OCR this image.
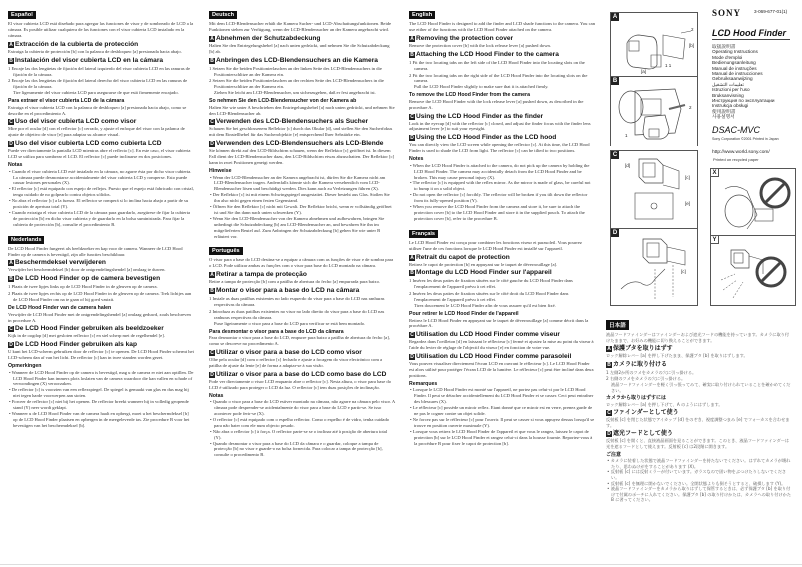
Español
El visor cubierta LCD está diseñado para agregar las funciones de visor y de sombreado de LCD a la cámara. Es posible utilizar cualquiera de las funciones con el visor cubierta LCD instalado en la cámara.
A Extracción de la cubierta de protección
Extraiga la cubierta de protección [b] con la palanca de desbloqueo [a] presionada hacia abajo.
B Instalación del visor cubierta LCD en la cámara
1 Encaje las dos lengüetas de fijación del lateral izquierdo del visor cubierta LCD en las ranuras de fijación de la cámara.
2 Encaje las dos lengüetas de fijación del lateral derecho del visor cubierta LCD en las ranuras de fijación de la cámara.
Tire ligeramente del visor cubierta LCD para asegurarse de que está firmemente encajado.
Para extraer el visor cubierta LCD de la cámara
Extraiga el visor cubierta LCD con la palanca de desbloqueo [a] presionada hacia abajo, como se describe en el procedimiento A.
C Uso del visor cubierta LCD como visor
Mire por el ocular [d] con el reflector [c] cerrado, y ajuste el enfoque del visor con la palanca de ajuste de objetivo de visor [e] para adaptar su alcance visual.
D Uso del visor cubierta LCD como cubierta LCD
Puede ver directamente la pantalla LCD mientras abre el reflecto [c]. En este caso, el visor cubierta LCD se utiliza para sombrear el LCD. El reflector [c] puede inclinarse en dos posiciones.
Notas
• Cuando el visor cubierta LCD esté instalado en la cámara, no agarre ésta por dicho visor cubierta. La cámara puede desmontarse accidentalmente del visor cubierta LCD y romperse. Esto puede causar lesiones personales (X).
• El reflector [c] está equipado con espejo de reflejos. Puesto que el espejo está fabricado con cristal, tenga cuidado de no golpearlo contra objetos sólidos.
• No abra el reflector [c] a la fuerza. El reflector se romperá si lo inclina hacia abajo a partir de su posición de apertura total (Y).
• Cuando extraiga el visor cubierta LCD de la cámara para guardarlo, asegúrese de fijar la cubierta de protección [b] en dicho visor cubierta y de guardarlo en la bolsa suministrada. Para fijar la cubierta de protección [b], consulte el procedimiento B.
Nederlands
De LCD Hood Finder fungeert als beeldzoeker en kap voor de camera. Wanneer de LCD Hood Finder op de camera is bevestigd, zijn alle functies beschikbaar.
A Beschermdeksel verwijderen
Verwijder het beschermdeksel [b] door de ontgrendelingshendel [a] omlaag te duwen.
B De LCD Hood Finder op de camera bevestigen
1 Plaats de twee lipjes links op de LCD Hood Finder in de gleuven op de camera.
2 Plaats de twee lipjes rechts op de LCD Hood Finder in de gleuven op de camera. Trek lichtjes aan de LCD Hood Finder om na te gaan of hij goed vastzit.
De LCD Hood Finder van de camera halen
Verwijder de LCD Hood Finder met de ontgrendelingshendel [a] omlaag geduwd, zoals beschreven in procedure A.
C De LCD Hood Finder gebruiken als beeldzoeker
Kijk in de oogdop [d] met gesloten reflector [c] en stel scherp met de regelhendel [e].
D De LCD Hood Finder gebruiken als kap
U kunt het LCD-scherm gebruiken door de reflector [c] te openen. De LCD Hood Finder schermt het LCD-scherm dan af van het licht. De reflector [c] kan in twee standen worden gezet.
Opmerkingen
• Wanneer de LCD Hood Finder op de camera is bevestigd, mag u de camera er niet aan optillen. De LCD Hood Finder kan immers plots loslaten van de camera waardoor die kan vallen en schade of verwondingen (X) veroorzaken.
• De reflector [c] is voorzien van een reflexspiegel. De spiegel is gemaakt van glas en dus mag hij niet tegen harde voorwerpen aan stoten.
• Forceer de reflector [c] niet bij het openen. De reflector breekt wanneer hij in volledig geopende stand (Y) neer wordt geklapt.
• Wanneer u de LCD Hood Finder van de camera haalt en opbergt, moet u het beschermdeksel [b] op de LCD Hood Finder plaatsen en opbergen in de meegeleverde tas. Zie procedure B voor het bevestigen van het beschermdeksel [b].
Deutsch
Mit dem LCD-Blendensucher erhält die Kamera Sucher- und LCD-Abschattungsfunktionen. Beide Funktionen stehen zur Verfügung, wenn der LCD-Blendensucher an der Kamera angebracht wird.
A Abnehmen der Schutzabdeckung
Halten Sie den Entriegelungshebel [a] nach unten gedrückt, und nehmen Sie die Schutzabdeckung [b] ab.
B Anbringen des LCD-Blendensuchers an die Kamera
1 Setzen Sie die beiden Positionierlaschen an der linken Seite des LCD-Blendensuchers in die Positionierschlitze an der Kamera ein.
2 Setzen Sie die beiden Positionierlaschen an der rechten Seite des LCD-Blendensuchers in die Positionierschlitze an der Kamera ein.
Ziehen Sie leicht am LCD-Blendensucher, um sicherzugehen, daß er fest angebracht ist.
So nehmen Sie den LCD-Blendensucher von der Kamera ab
Halten Sie wie unter A beschrieben den Entriegelungshebel [a] nach unten gedrückt, und nehmen Sie den LCD-Blendensucher ab.
C Verwenden des LCD-Blendensuchers als Sucher
Schauen Sie bei geschlossenem Reflektor [c] durch das Okular [d], und stellen Sie den Sucherfokus mit dem Einstellhebel für das Sucherobjektiv [e] entsprechend Ihrer Sehstärke ein.
D Verwenden des LCD-Blendensuchers als LCD-Blende
Sie können direkt auf den LCD-Bildschirm schauen, wenn der Reflektor [c] geöffnet ist. In diesem Fall dient der LCD-Blendensucher dazu, den LCD-Bildschirm etwas abzuschatten. Der Reflektor [c] kann in zwei Positionen geneigt werden.
Hinweise
• Wenn der LCD-Blendensucher an der Kamera angebracht ist, dürfen Sie die Kamera nicht am LCD-Blendensucher tragen. Andernfalls könnte sich die Kamera versehentlich vom LCD-Blendensucher lösen und beschädigt werden. Dies kann auch zu Verletzungen führen (X).
• Der Reflektor [c] ist mit einem Schwingspiegel ausgestattet. Dieser besteht aus Glas. Stoßen Sie ihn also nicht gegen einen festen Gegenstand.
• Öffnen Sie den Reflektor [c] nicht mit Gewalt. Der Reflektor bricht, wenn er vollständig geöffnet ist und Sie ihn dann nach unten schwenken (Y).
• Wenn Sie den LCD-Blendensucher von der Kamera abnehmen und aufbewahren, bringen Sie unbedingt die Schutzabdeckung [b] am LCD-Blendensucher an, und bewahren Sie ihn im mitgelieferten Beutel auf. Zum Anbringen der Schutzabdeckung [b] gehen Sie wie unter B erläutert vor.
Português
O visor para a base do LCD destina-se a equipar a câmara com as funções de visor e de sombra para o LCD. Pode utilizar ambas as funções com o visor para base do LCD montado na câmara.
A Retirar a tampa de protecção
Retire a tampa de protecção [b] com a patilha de abertura do fecho [a] empurrada para baixo.
B Montar o visor para a base do LCD na câmara
1 Instale as duas patilhas existentes no lado esquerdo do visor para a base do LCD nas ranhuras respectivas da câmara.
2 Introduza as duas patilhas existentes no visor no lado direito do visor para a base do LCD nas ranhuras respectivas da câmara.
Puxe ligeiramente o visor para a base do LCD para verificar se está bem montado.
Para desmontar o visor para a base do LCD da câmara
Para desmontar o visor para a base do LCD, empurre para baixo a patilha de abertura do fecho [a], como se descreve no procedimento A.
C Utilizar o visor para a base do LCD como visor
Olhe pela ocular [d] com o reflector [c] fechado e ajuste a focagem do visor electrónico com a patilha de ajuste da lente [e] de forma a adaptar-se à sua visão.
D Utilizar o visor para a base do LCD como base do LCD
Pode ver directamente o visor LCD enquanto abre o reflector [c]. Nesta altura, o visor para base do LCD é utilizado para proteger o LCD da luz. O reflector [c] tem duas posições de inclinação.
Notas
• Quando o visor para a base do LCD estiver montado na câmara, não agarre na câmara pelo visor. A câmara pode desprender-se acidentalmente do visor para a base do LCD e partir-se. Se isso acontecer pode ferir-se (X).
• O reflector [c] está equipado com o espelho reflector. Como o espelho é de vidro, tenha cuidado para não bater com ele num objecto pesado.
• Não abra o reflector [c] à força. O reflector parte-se se o inclinar até à posição de abertura total (Y).
• Quando desmontar o visor para a base do LCD da câmara e o guardar, coloque a tampa de protecção [b] no visor e guarde-o na bolsa fornecida. Para colocar a tampa de protecção [b], consulte o procedimento B.
English
The LCD Hood Finder is designed to add the finder and LCD shade functions to the camera. You can use either of the functions with the LCD Hood Finder attached on the camera.
A Removing the protection cover
Remove the protection cover [b] with the lock release lever [a] pushed down.
B Attaching the LCD Hood Finder to the camera
1 Fit the two locating tabs on the left side of the LCD Hood Finder into the locating slots on the camera.
2 Fit the two locating tabs on the right side of the LCD Hood Finder into the locating slots on the camera.
Pull the LCD Hood Finder slightly to make sure that it is attached firmly.
To remove the LCD Hood Finder from the camera
Remove the LCD Hood Finder with the lock release lever [a] pushed down, as described in the procedure A.
C Using the LCD Hood Finder as the finder
Look in the eyecup [d] with the reflector [c] closed, and adjust the finder focus with the finder lens adjustment lever [e] to suit your eyesight.
D Using the LCD Hood Finder as the LCD hood
You can directly view the LCD screen while opening the reflector [c]. At this time, the LCD Hood Finder is used to shade the LCD from light. The reflector [c] can be tilted to two positions.
Notes
• When the LCD Hood Finder is attached to the camera, do not pick up the camera by holding the LCD Hood Finder. The camera may accidentally detach from the LCD Hood Finder and be broken. This may cause personal injury (X).
• The reflector [c] is equipped with the reflex mirror. As the mirror is made of glass, be careful not to bump it on a solid object.
• Do not open the reflector [c] forcibly. The reflector will be broken if you tilt down the reflector from its fully-opened position (Y).
• When you remove the LCD Hood Finder from the camera and store it, be sure to attach the protection cover [b] to the LCD Hood Finder and store it in the supplied pouch. To attach the protection cover [b], refer to the procedure B.
Français
Le LCD Hood Finder est conçu pour combiner les fonctions viseur et parasoleil. Vous pourrez utiliser l'une de ces fonctions lorsque le LCD Hood Finder est installé sur l'appareil.
A Retrait du capot de protection
Retirez le capot de protection [b] en appuyant sur le taquet de déverrouillage [a].
B Montage du LCD Hood Finder sur l'appareil
1 Insérez les deux pattes de fixation situées sur le côté gauche du LCD Hood Finder dans l'emplacement de l'appareil prévu à cet effet.
2 Insérez les deux pattes de fixation situées sur le côté droit du LCD Hood Finder dans l'emplacement de l'appareil prévu à cet effet.
Tirez doucement le LCD Hood Finder afin de vous assurer qu'il est bien fixé.
Pour retirer le LCD Hood Finder de l'appareil
Retirez le LCD Hood Finder en appuyant sur le taquet de déverrouillage [a] comme décrit dans la procédure A.
C Utilisation du LCD Hood Finder comme viseur
Regardez dans l'oeilleton [d] en laissant le réflecteur [c] fermé et ajustez la mise au point du viseur à l'aide du levier de réglage de l'objectif du viseur [e] en fonction de votre vue.
D Utilisation du LCD Hood Finder comme parasoleil
Vous pouvez visualiser directement l'écran LCD en ouvrant le réflecteur [c]. Le LCD Hood Finder est alors utilisé pour protéger l'écran LCD de la lumière. Le réflecteur [c] peut être incliné dans deux positions.
Remarques
• Lorsque le LCD Hood Finder est monté sur l'appareil, ne portez pas celui-ci par le LCD Hood Finder. Il peut se détacher accidentellement du LCD Hood Finder et se casser. Ceci peut entraîner des blessures (X).
• Le réflecteur [c] possède un miroir reflex. Etant donné que ce miroir est en verre, prenez garde de ne pas le cogner contre un objet solide.
• Ne forcez pas sur le réflecteur [c] pour l'ouvrir. Il peut se casser si vous appuyez dessus lorsqu'il se trouve en position ouverte maximale (Y).
• Lorsque vous retirez le LCD Hood Finder de l'appareil et que vous le rangez, laissez le capot de protection [b] sur le LCD Hood Finder et rangez celui-ci dans la housse fournie. Reportez-vous à la procédure B pour fixer le capot de protection [b].
A
2
[b]
1 1
[a]
B
2
1
C
[d]
[c]
[e]
D
[c]
SONY	3-069-677-01(1)
LCD Hood Finder
取扱説明書
Operating Instructions
Mode d'emploi
Bedienungsanleitung
Manual de instruções
Manual de instrucciones
Gebruiksaanwijzing
تعليمات التشغيل
Istruzioni per l'uso
Bruksanvisning
Инструкция по эксплуатации
Instrukcja obsługi
使用說明書
사용설명서
DSAC-MVC
Sony Corporation ©2001 Printed in Japan
http://www.world.sony.com/
Printed on recycled paper
X
Y
日本語
液晶フードファインダーはファインダーおよび遮光フードの機能を持っています。カメラに取り付けたままで、お好みの機能に切り換えることができます。
A 保護ブタを取りはずす
ロック解除レバー [a] を押し下げたまま、保護ブタ [b] を取りはずします。
B カメラに取り付ける
1 左側2か所のツメをカメラの穴に引っ掛ける。
2 右側のツメをカメラの穴に引っ掛ける。
液晶フードファインダーを軽く引っ張ってみて、確実に取り付けられていることを確かめてください。
カメラから取りはずすには
ロック解除レバー [a] を押し下げて、A のようにはずします。
C ファインダーとして使う
反射板 [c] を閉じた状態でアイカップ [d] をのぞき、視度調整つまみ [e] でフォーカスを合わせます。
D 遮光フードとして使う
反射板 [c] を開くと、直接液晶画面を見ることができます。このとき、液晶フードファインダーは光を遮るフードとして使えます。反射板 [c] は2段階に開きます。
ご注意
• カメラに装着した状態で液晶フードファインダーを持たないでください。はずれてカメラが壊れたり、思わぬけがをすることがあります (X)。
• 反射板 [c] には反射ミラーが付いています。ガラスなので固い物をぶつけたりしないでください。
• 反射板 [c] を無理に開かないでください。全開状態よりも倒そうとすると、破損します (Y)。
• 液晶フードファインダーをカメラから取りはずして保管するときは、必ず保護ブタ [b] を取り付けて付属のポーチに入れてください。保護ブタ [b] の取り付けかたは、カメラへの取り付けかた B に習ってください。
